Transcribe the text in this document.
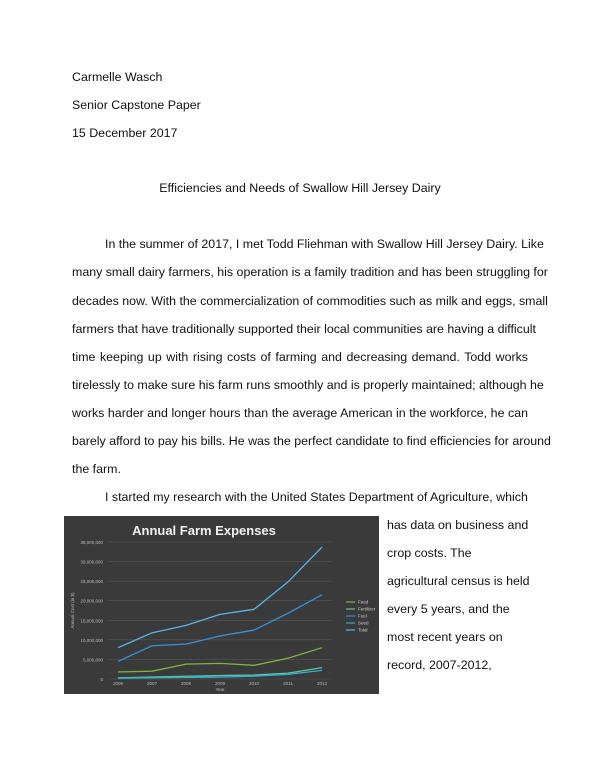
Carmelle Wasch
Senior Capstone Paper
15 December 2017
Efficiencies and Needs of Swallow Hill Jersey Dairy
In the summer of 2017, I met Todd Fliehman with Swallow Hill Jersey Dairy. Like
many small dairy farmers, his operation is a family tradition and has been struggling for
decades now. With the commercialization of commodities such as milk and eggs, small
farmers that have traditionally supported their local communities are having a difficult
time keeping up with rising costs of farming and decreasing demand. Todd works
tirelessly to make sure his farm runs smoothly and is properly maintained; although he
works harder and longer hours than the average American in the workforce, he can
barely afford to pay his bills. He was the perfect candidate to find efficiencies for around
the farm.
I started my research with the United States Department of Agriculture, which
has data on business and
crop costs. The
agricultural census is held
every 5 years, and the
most recent years on
record, 2007-2012,
Annual Farm Expenses
0
5,000,000
10,000,000
15,000,000
20,000,000
25,000,000
30,000,000
35,000,000
2006	2007	2008	2009	2010	2011	2012
Year
Annual Cost (in $)	Feed
Fertilizer
Fuel
Seed
Total
